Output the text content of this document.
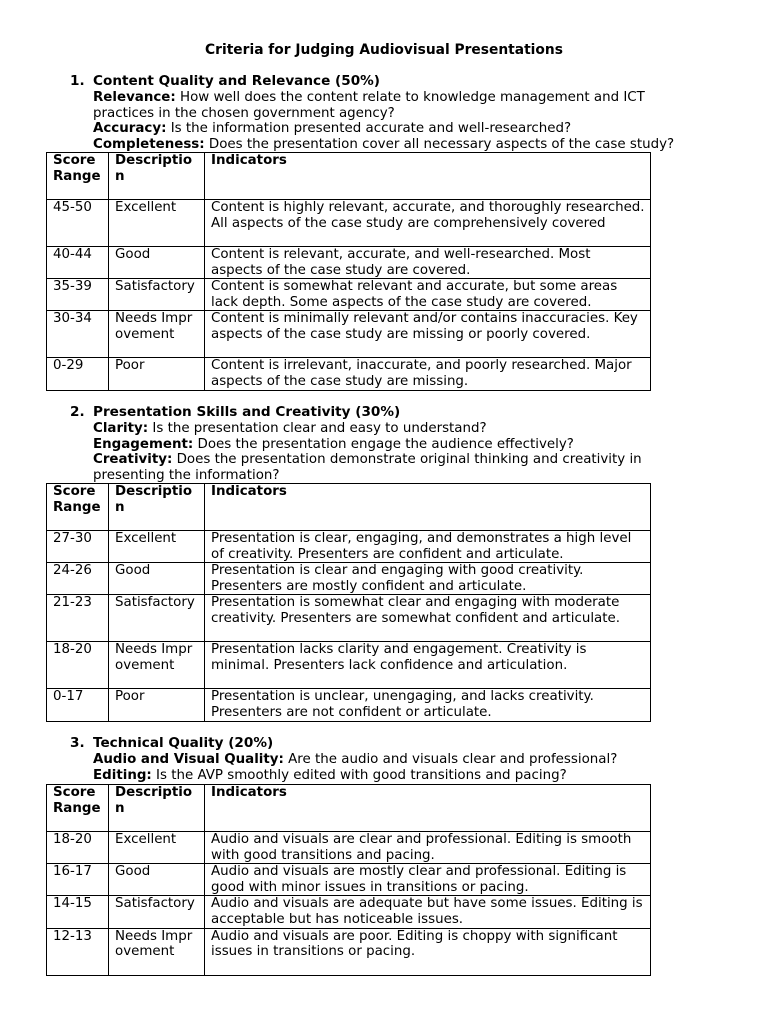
Criteria for Judging Audiovisual Presentations
1. Content Quality and Relevance (50%)
Relevance: How well does the content relate to knowledge management and ICT practices in the chosen government agency?
Accuracy: Is the information presented accurate and well-researched?
Completeness: Does the presentation cover all necessary aspects of the case study?
Score Range	Description	Indicators
45-50	Excellent	Content is highly relevant, accurate, and thoroughly researched. All aspects of the case study are comprehensively covered
40-44	Good	Content is relevant, accurate, and well-researched. Most aspects of the case study are covered.
35-39	Satisfactory	Content is somewhat relevant and accurate, but some areas lack depth. Some aspects of the case study are covered.
30-34	Needs Improvement	Content is minimally relevant and/or contains inaccuracies. Key aspects of the case study are missing or poorly covered.
0-29	Poor	Content is irrelevant, inaccurate, and poorly researched. Major aspects of the case study are missing.
2. Presentation Skills and Creativity (30%)
Clarity: Is the presentation clear and easy to understand?
Engagement: Does the presentation engage the audience effectively?
Creativity: Does the presentation demonstrate original thinking and creativity in presenting the information?
Score Range	Description	Indicators
27-30	Excellent	Presentation is clear, engaging, and demonstrates a high level of creativity. Presenters are confident and articulate.
24-26	Good	Presentation is clear and engaging with good creativity. Presenters are mostly confident and articulate.
21-23	Satisfactory	Presentation is somewhat clear and engaging with moderate creativity. Presenters are somewhat confident and articulate.
18-20	Needs Improvement	Presentation lacks clarity and engagement. Creativity is minimal. Presenters lack confidence and articulation.
0-17	Poor	Presentation is unclear, unengaging, and lacks creativity. Presenters are not confident or articulate.
3. Technical Quality (20%)
Audio and Visual Quality: Are the audio and visuals clear and professional?
Editing: Is the AVP smoothly edited with good transitions and pacing?
Score Range	Description	Indicators
18-20	Excellent	Audio and visuals are clear and professional. Editing is smooth with good transitions and pacing.
16-17	Good	Audio and visuals are mostly clear and professional. Editing is good with minor issues in transitions or pacing.
14-15	Satisfactory	Audio and visuals are adequate but have some issues. Editing is acceptable but has noticeable issues.
12-13	Needs Improvement	Audio and visuals are poor. Editing is choppy with significant issues in transitions or pacing.
